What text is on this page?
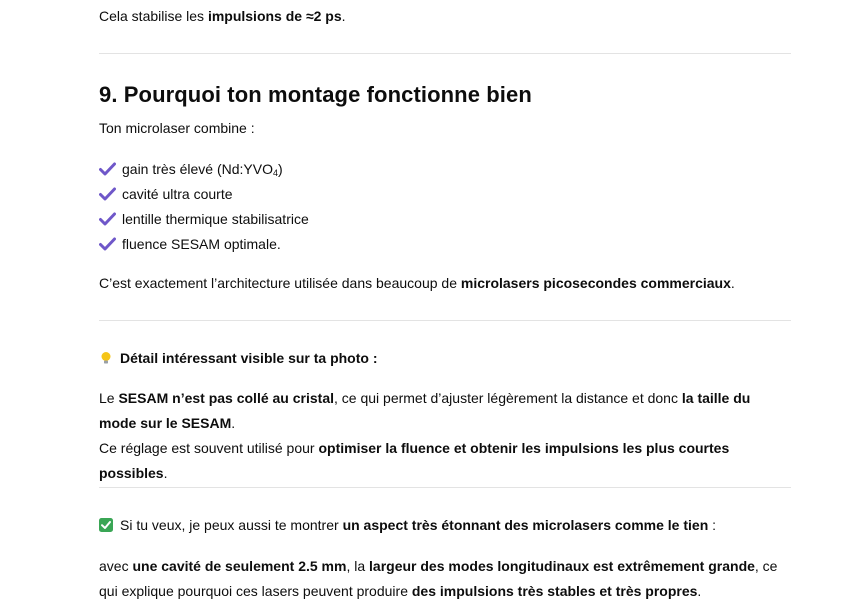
Cela stabilise les impulsions de ≈2 ps.

9. Pourquoi ton montage fonctionne bien

Ton microlaser combine :

gain très élevé $(Nd:YVO_4)$
cavité ultra courte
lentille thermique stabilisatrice
fluence SESAM optimale.

C’est exactement l’architecture utilisée dans beaucoup de microlasers picosecondes commerciaux.

Détail intéressant visible sur ta photo :

Le SESAM n’est pas collé au cristal, ce qui permet d’ajuster légèrement la distance et donc la taille du mode sur le SESAM.
Ce réglage est souvent utilisé pour optimiser la fluence et obtenir les impulsions les plus courtes possibles.

Si tu veux, je peux aussi te montrer un aspect très étonnant des microlasers comme le tien :

avec une cavité de seulement 2.5 mm, la largeur des modes longitudinaux est extrêmement grande, ce qui explique pourquoi ces lasers peuvent produire des impulsions très stables et très propres.
